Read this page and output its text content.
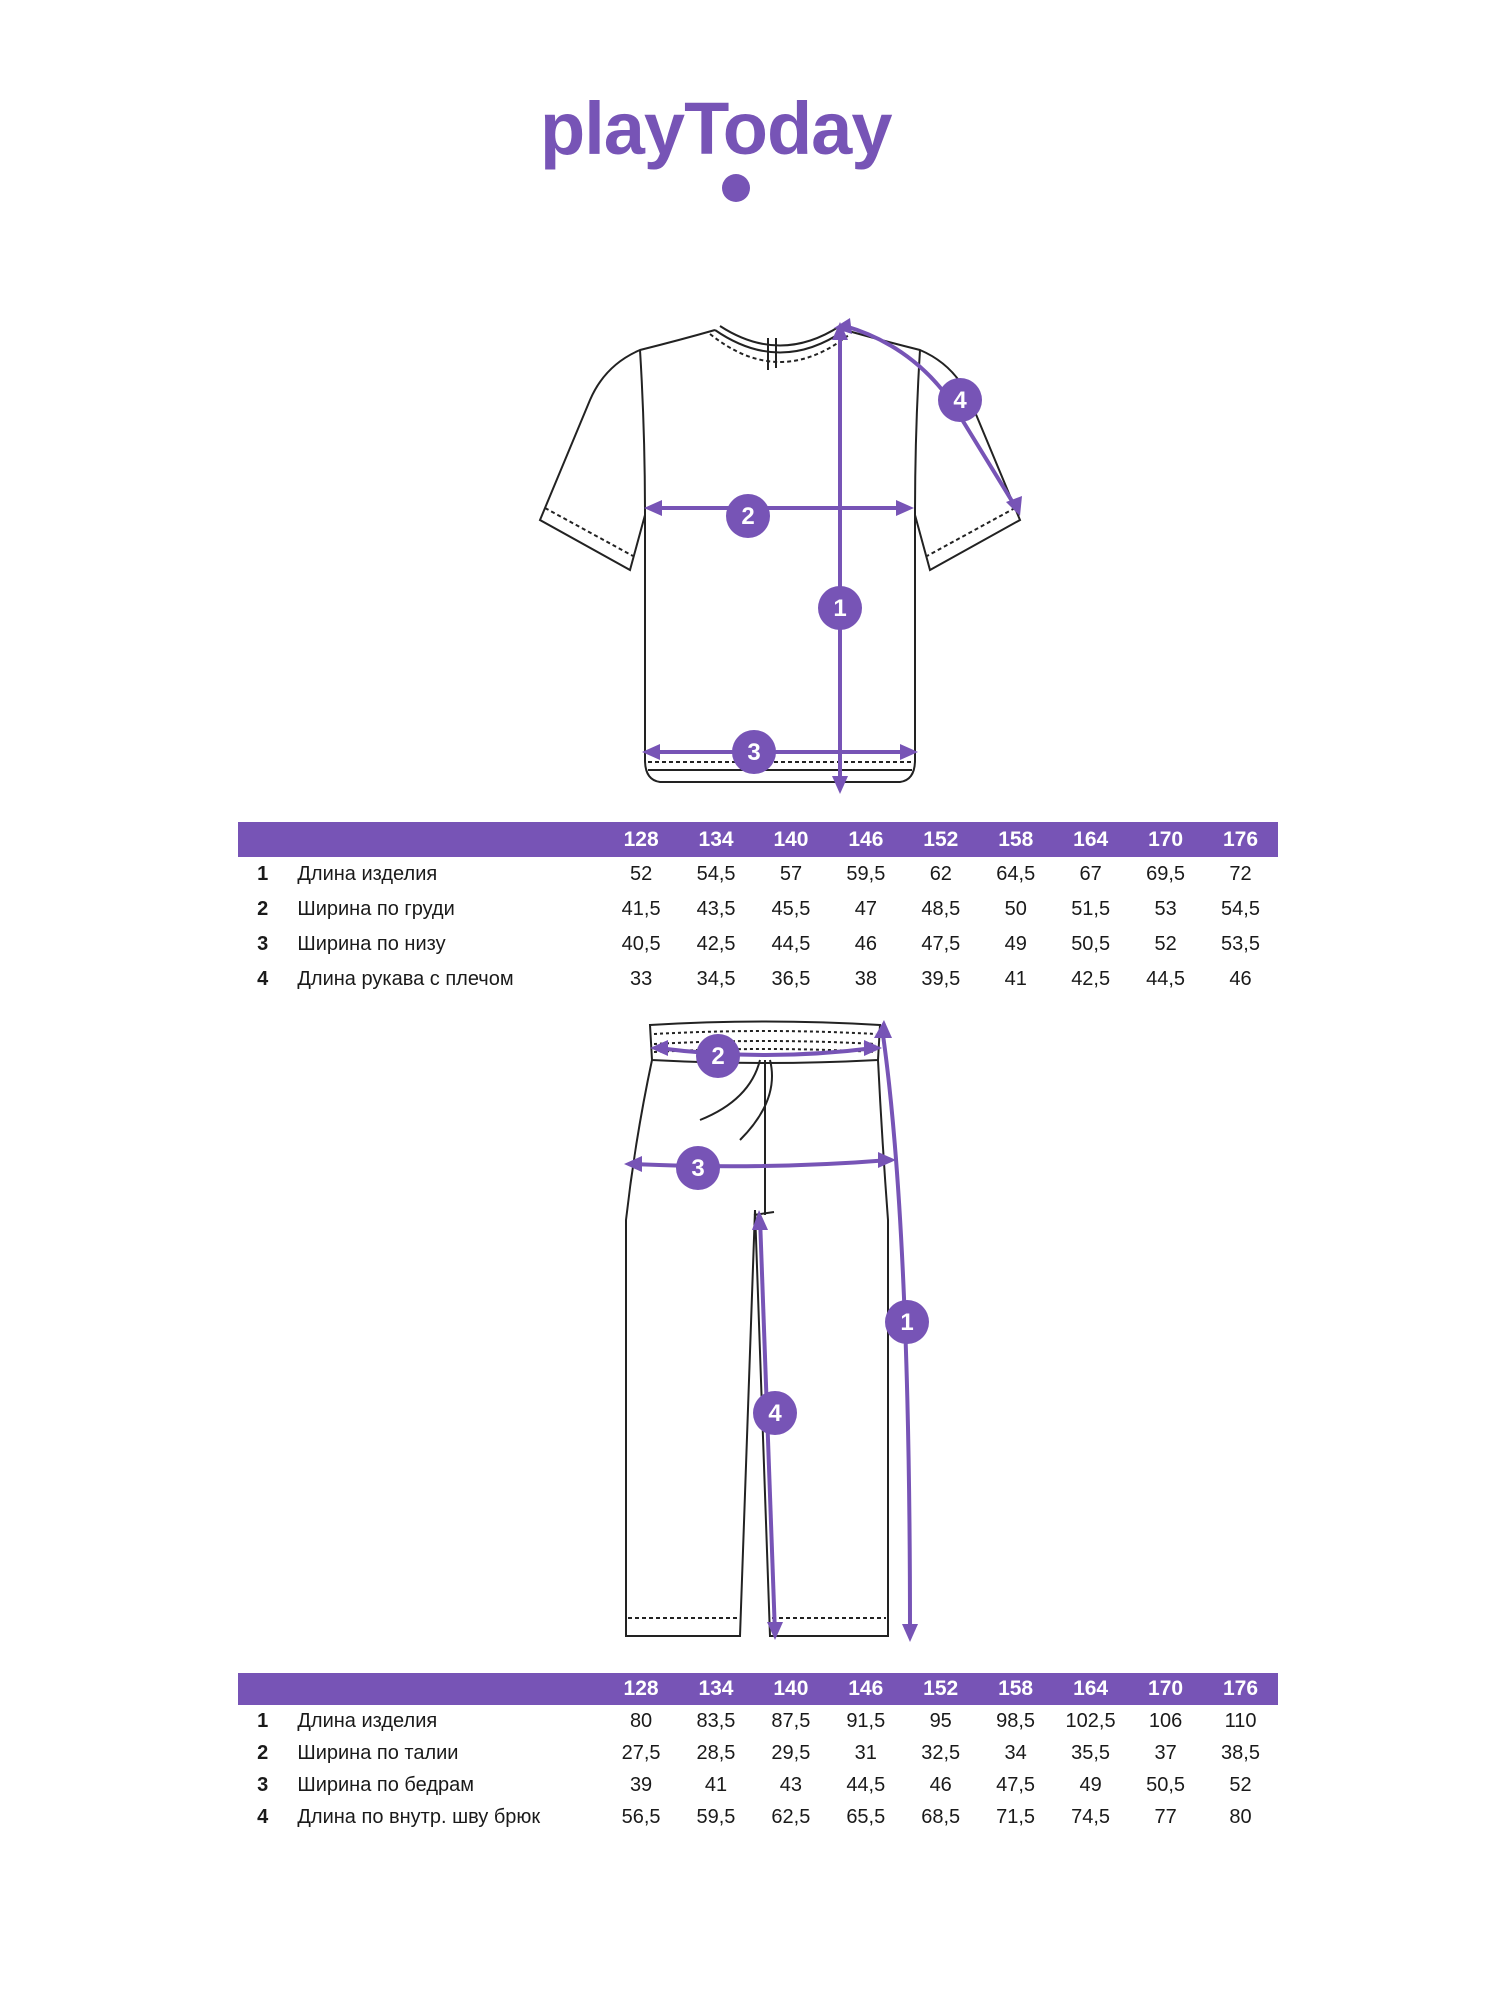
playToday
1
2
3
4
		128	134	140	146	152	158	164	170	176
1	Длина изделия	52	54,5	57	59,5	62	64,5	67	69,5	72
2	Ширина по груди	41,5	43,5	45,5	47	48,5	50	51,5	53	54,5
3	Ширина по низу	40,5	42,5	44,5	46	47,5	49	50,5	52	53,5
4	Длина рукава с плечом	33	34,5	36,5	38	39,5	41	42,5	44,5	46
1
2
3
4
		128	134	140	146	152	158	164	170	176
1	Длина изделия	80	83,5	87,5	91,5	95	98,5	102,5	106	110
2	Ширина по талии	27,5	28,5	29,5	31	32,5	34	35,5	37	38,5
3	Ширина по бедрам	39	41	43	44,5	46	47,5	49	50,5	52
4	Длина по внутр. шву брюк	56,5	59,5	62,5	65,5	68,5	71,5	74,5	77	80
